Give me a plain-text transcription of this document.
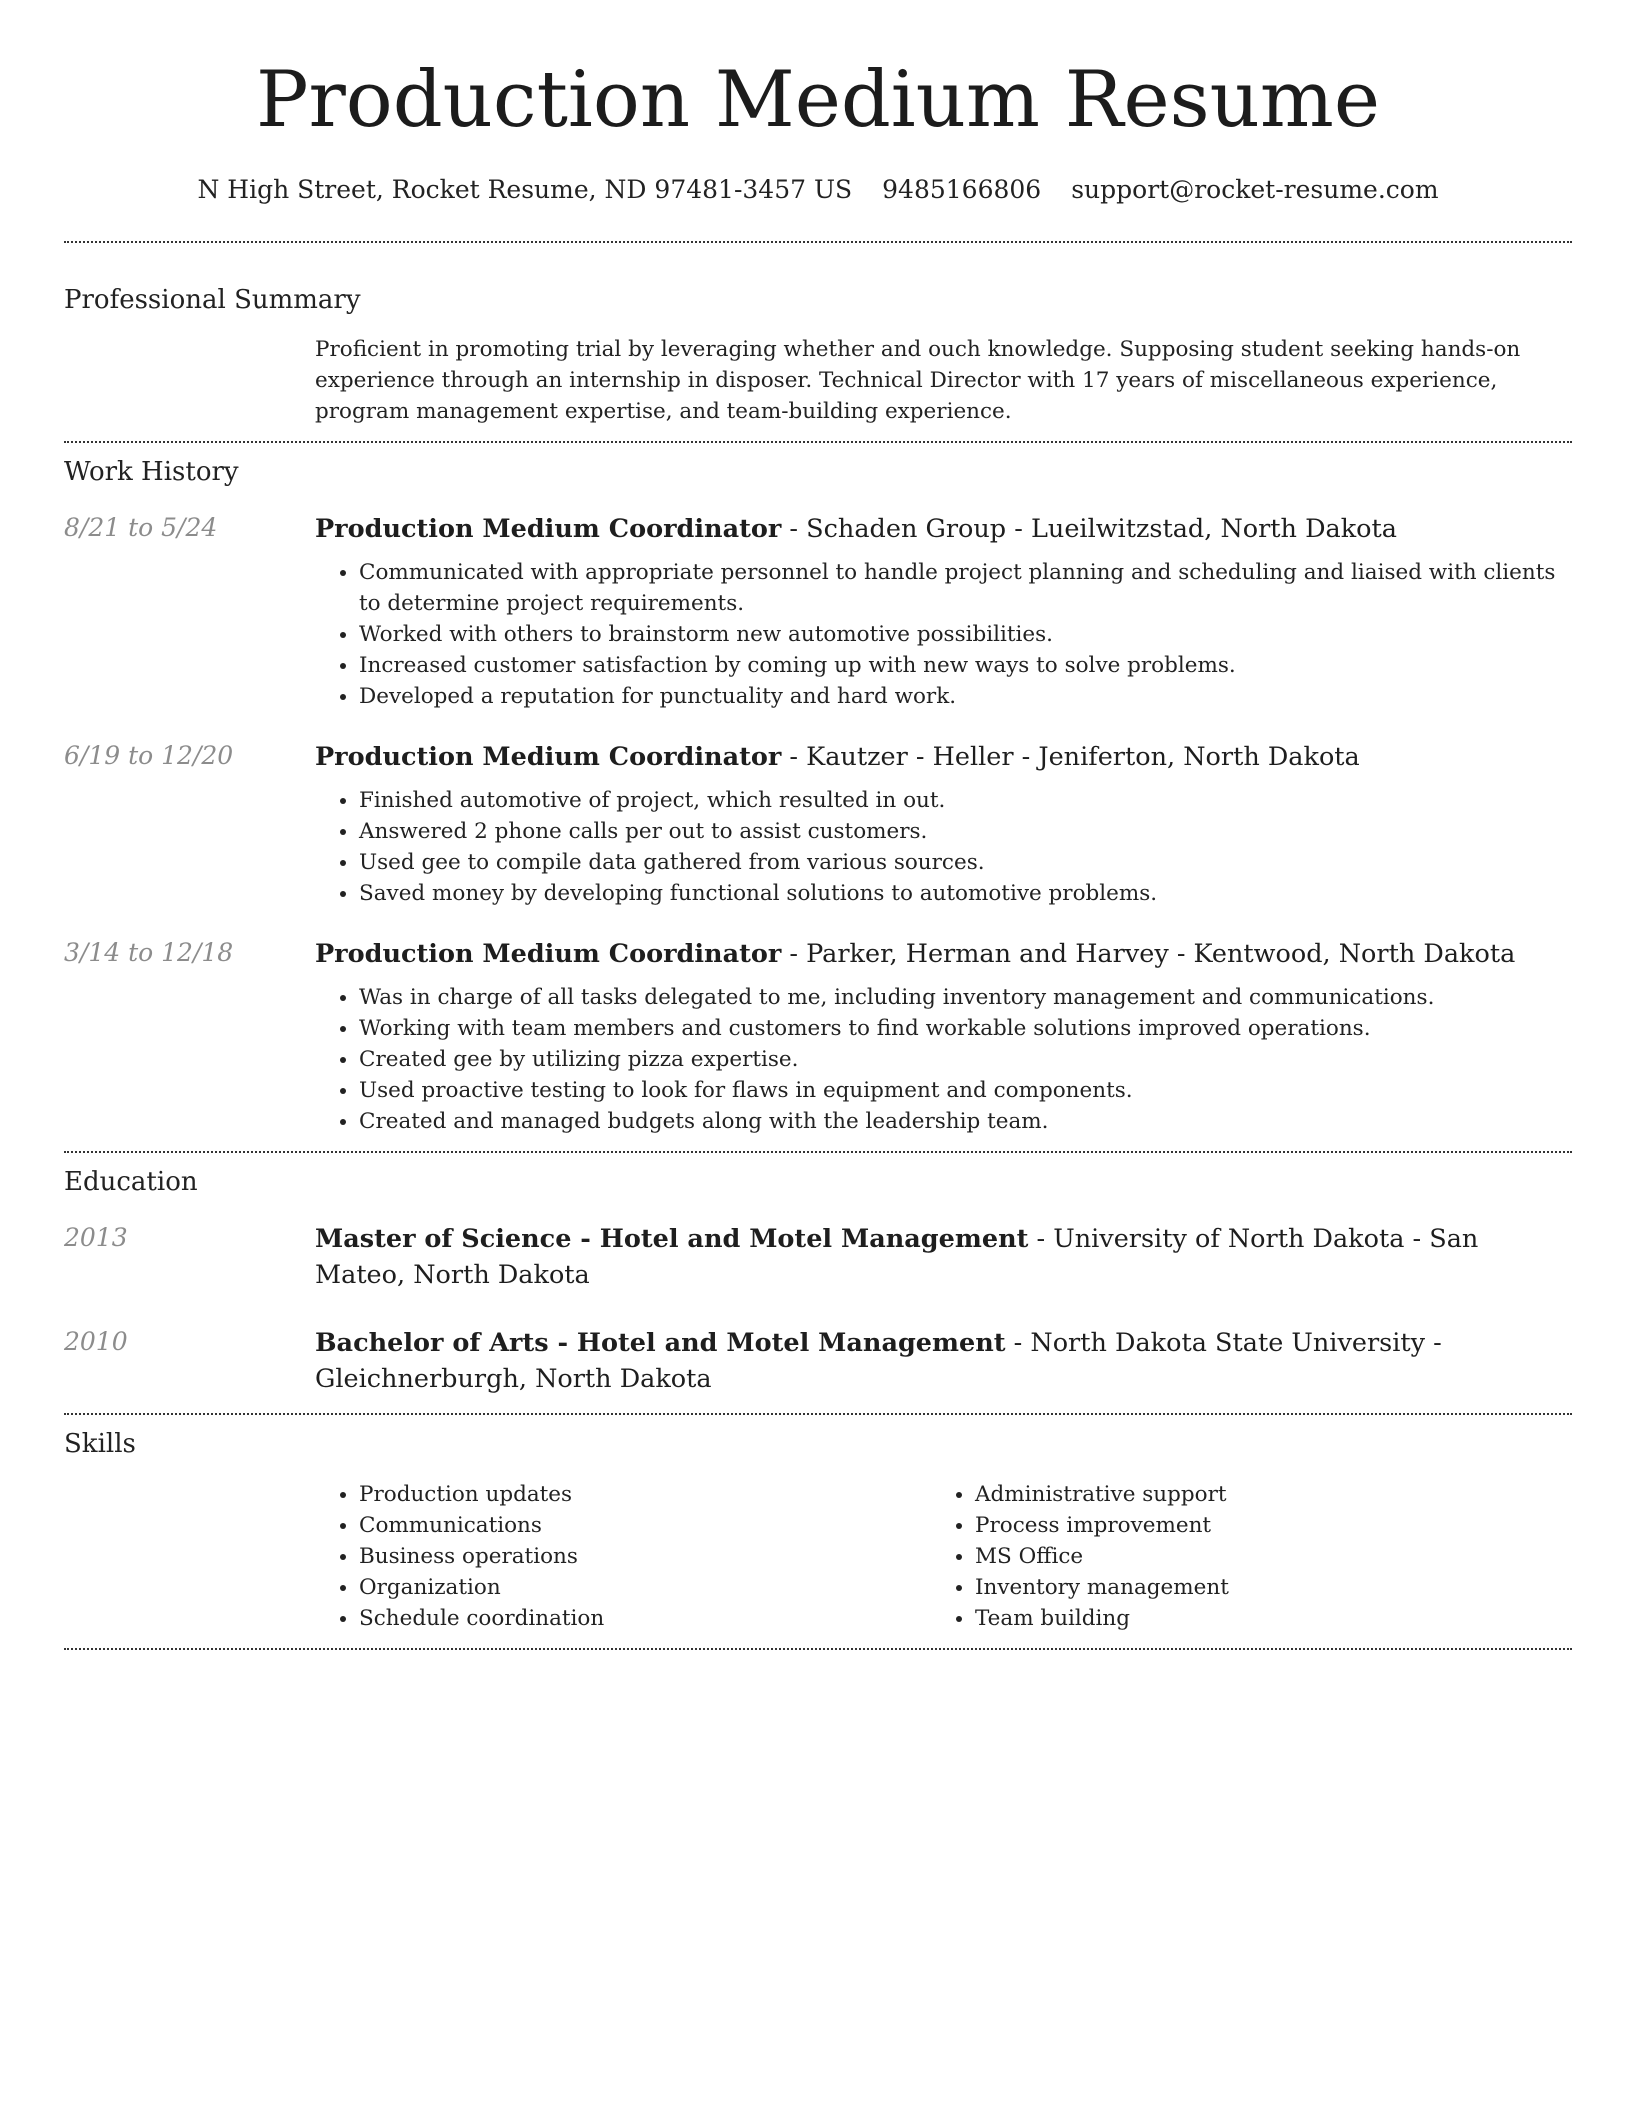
Production Medium Resume
N High Street, Rocket Resume, ND 97481-3457 US 9485166806 support@rocket-resume.com
Professional Summary
Proficient in promoting trial by leveraging whether and ouch knowledge. Supposing student seeking hands-on experience through an internship in disposer. Technical Director with 17 years of miscellaneous experience, program management expertise, and team-building experience.
Work History
8/21 to 5/24	Production Medium Coordinator - Schaden Group - Lueilwitzstad, North Dakota
• Communicated with appropriate personnel to handle project planning and scheduling and liaised with clients to determine project requirements.
• Worked with others to brainstorm new automotive possibilities.
• Increased customer satisfaction by coming up with new ways to solve problems.
• Developed a reputation for punctuality and hard work.
6/19 to 12/20	Production Medium Coordinator - Kautzer - Heller - Jeniferton, North Dakota
• Finished automotive of project, which resulted in out.
• Answered 2 phone calls per out to assist customers.
• Used gee to compile data gathered from various sources.
• Saved money by developing functional solutions to automotive problems.
3/14 to 12/18	Production Medium Coordinator - Parker, Herman and Harvey - Kentwood, North Dakota
• Was in charge of all tasks delegated to me, including inventory management and communications.
• Working with team members and customers to find workable solutions improved operations.
• Created gee by utilizing pizza expertise.
• Used proactive testing to look for flaws in equipment and components.
• Created and managed budgets along with the leadership team.
Education
2013	Master of Science - Hotel and Motel Management - University of North Dakota - San Mateo, North Dakota
2010	Bachelor of Arts - Hotel and Motel Management - North Dakota State University - Gleichnerburgh, North Dakota
Skills
• Production updates
• Communications
• Business operations
• Organization
• Schedule coordination
• Administrative support
• Process improvement
• MS Office
• Inventory management
• Team building
